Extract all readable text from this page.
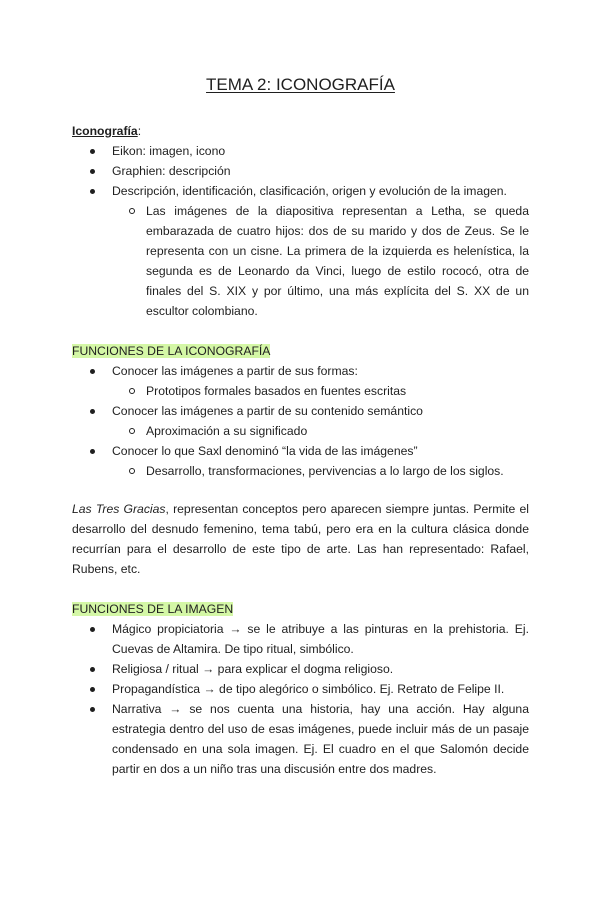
TEMA 2: ICONOGRAFÍA
Iconografía:
Eikon: imagen, icono
Graphien: descripción
Descripción, identificación, clasificación, origen y evolución de la imagen.
Las imágenes de la diapositiva representan a Letha, se queda embarazada de cuatro hijos: dos de su marido y dos de Zeus. Se le representa con un cisne. La primera de la izquierda es helenística, la segunda es de Leonardo da Vinci, luego de estilo rococó, otra de finales del S. XIX y por último, una más explícita del S. XX de un escultor colombiano.
FUNCIONES DE LA ICONOGRAFÍA
Conocer las imágenes a partir de sus formas:
Prototipos formales basados en fuentes escritas
Conocer las imágenes a partir de su contenido semántico
Aproximación a su significado
Conocer lo que Saxl denominó “la vida de las imágenes”
Desarrollo, transformaciones, pervivencias a lo largo de los siglos.

Las Tres Gracias, representan conceptos pero aparecen siempre juntas. Permite el desarrollo del desnudo femenino, tema tabú, pero era en la cultura clásica donde recurrían para el desarrollo de este tipo de arte. Las han representado: Rafael, Rubens, etc.

FUNCIONES DE LA IMAGEN
Mágico propiciatoria → se le atribuye a las pinturas en la prehistoria. Ej. Cuevas de Altamira. De tipo ritual, simbólico.
Religiosa / ritual → para explicar el dogma religioso.
Propagandística → de tipo alegórico o simbólico. Ej. Retrato de Felipe II.
Narrativa → se nos cuenta una historia, hay una acción. Hay alguna estrategia dentro del uso de esas imágenes, puede incluir más de un pasaje condensado en una sola imagen. Ej. El cuadro en el que Salomón decide partir en dos a un niño tras una discusión entre dos madres.
